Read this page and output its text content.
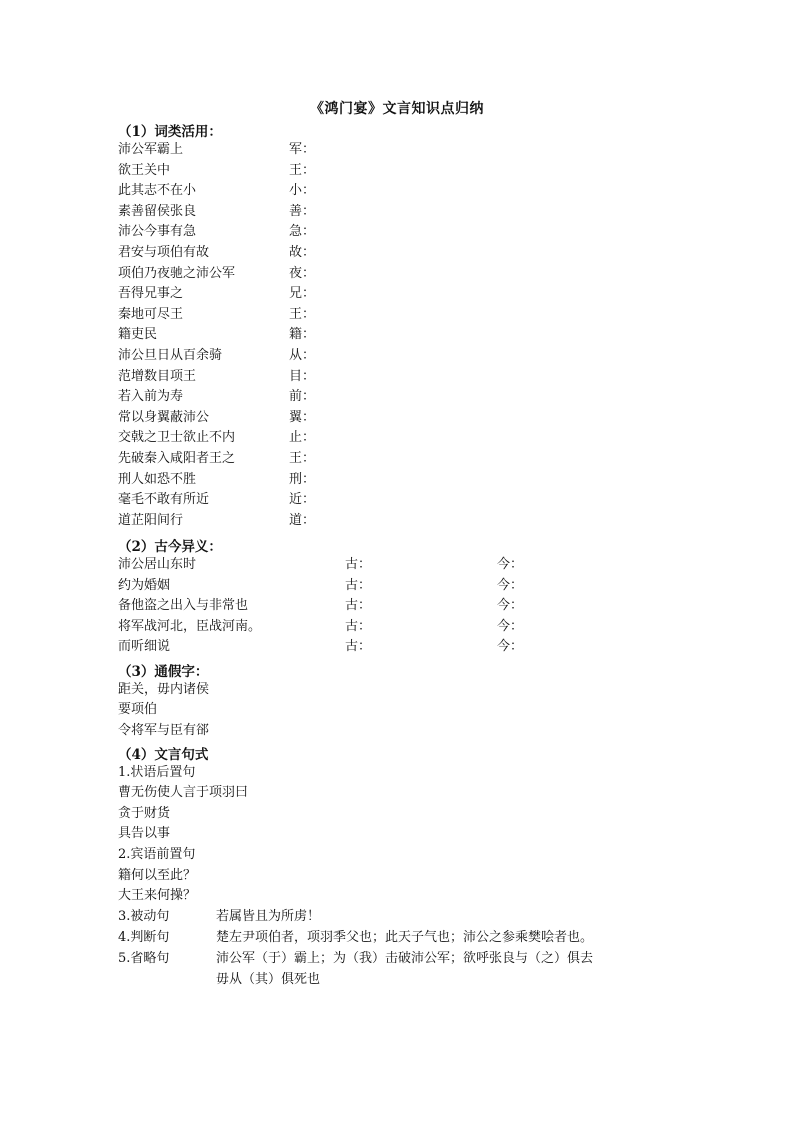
《鸿门宴》文言知识点归纳
（1）词类活用：
沛公军霸上	军：
欲王关中	王：
此其志不在小	小：
素善留侯张良	善：
沛公今事有急	急：
君安与项伯有故	故：
项伯乃夜驰之沛公军	夜：
吾得兄事之	兄：
秦地可尽王	王：
籍吏民	籍：
沛公旦日从百余骑	从：
范增数目项王	目：
若入前为寿	前：
常以身翼蔽沛公	翼：
交戟之卫士欲止不内	止：
先破秦入咸阳者王之	王：
刑人如恐不胜	刑：
毫毛不敢有所近	近：
道芷阳间行	道：
（2）古今异义：
沛公居山东时	古：	今：
约为婚姻	古：	今：
备他盗之出入与非常也	古：	今：
将军战河北，臣战河南。	古：	今：
而听细说	古：	今：
（3）通假字：
距关，毋内诸侯
要项伯
令将军与臣有郤
（4）文言句式
1.状语后置句
曹无伤使人言于项羽曰
贪于财货
具告以事
2.宾语前置句
籍何以至此？
大王来何操？
3.被动句	若属皆且为所虏！
4.判断句	楚左尹项伯者，项羽季父也；此天子气也；沛公之参乘樊哙者也。
5.省略句	沛公军（于）霸上；为（我）击破沛公军；欲呼张良与（之）俱去
毋从（其）俱死也
